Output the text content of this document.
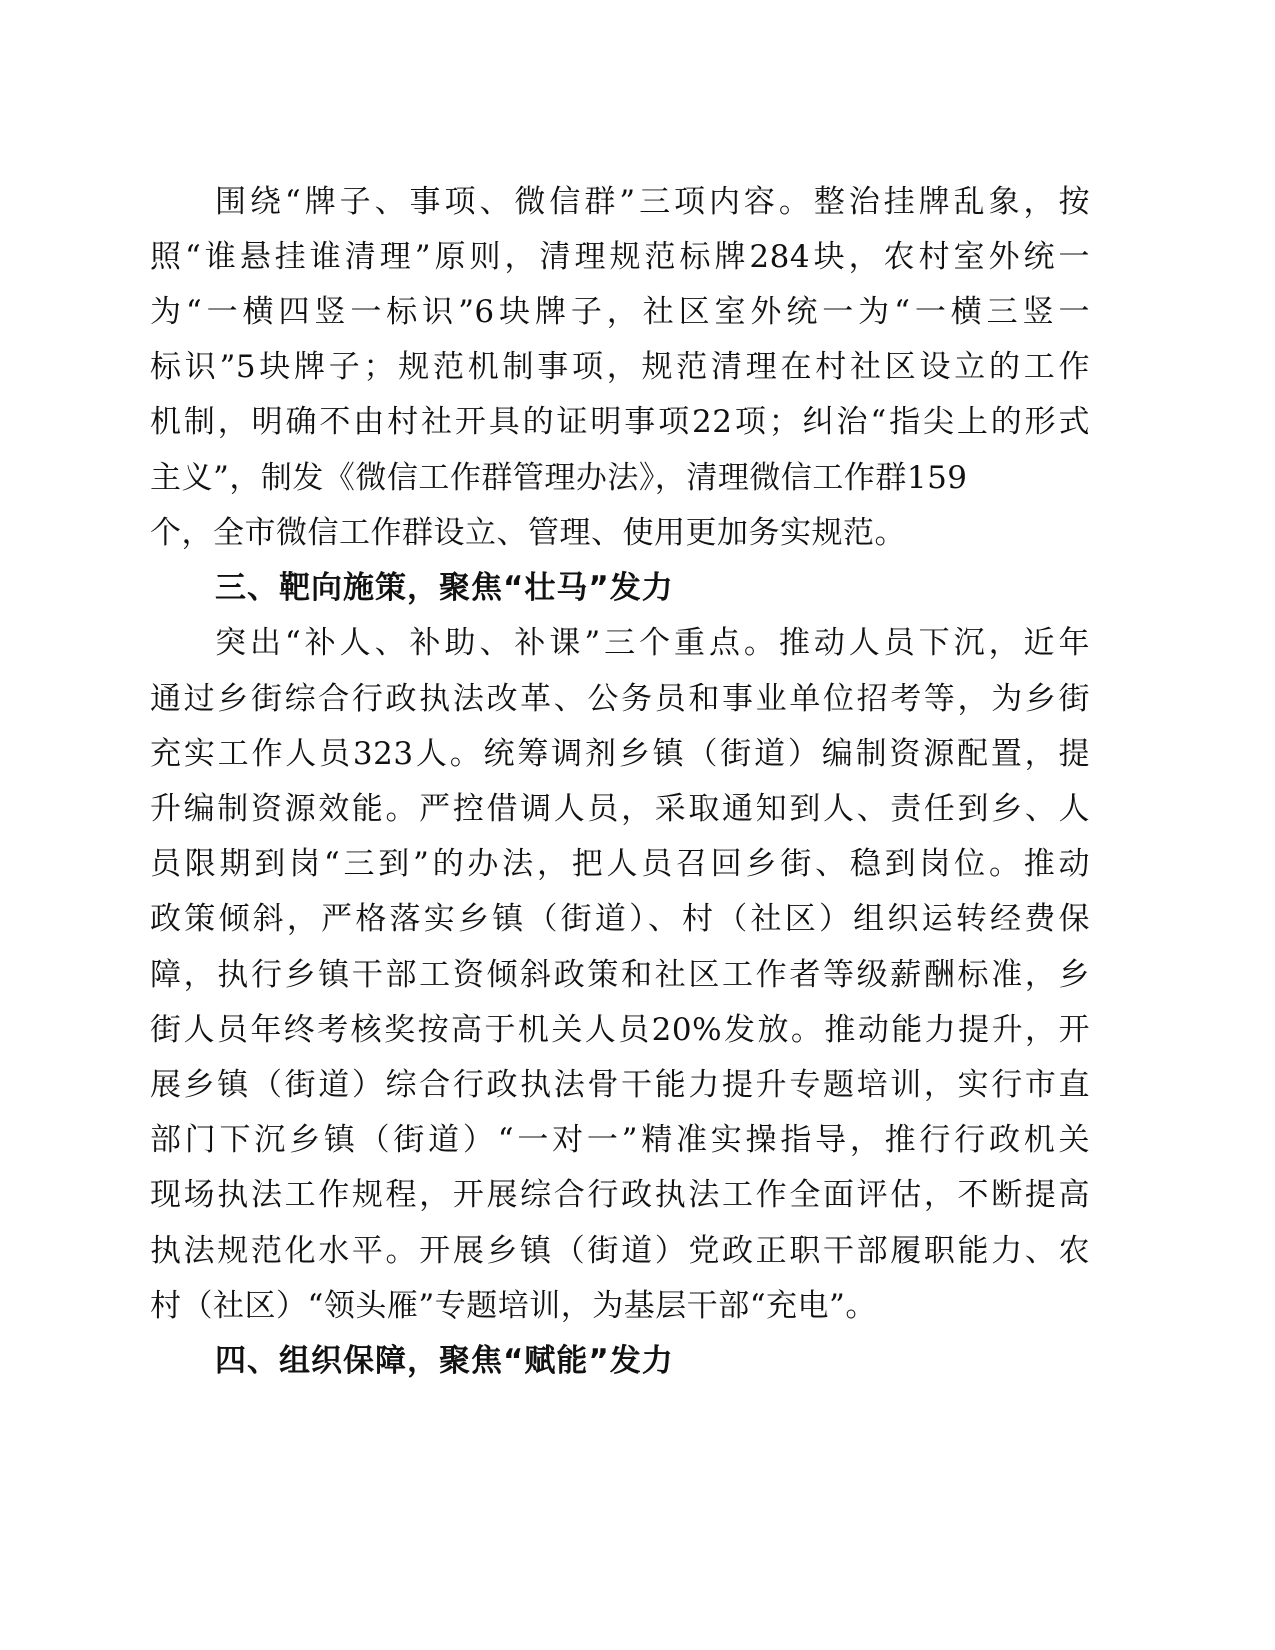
围绕“牌子、事项、微信群”三项内容。整治挂牌乱象，按
照“谁悬挂谁清理”原则，清理规范标牌284块，农村室外统一
为“一横四竖一标识”6块牌子，社区室外统一为“一横三竖一
标识”5块牌子；规范机制事项，规范清理在村社区设立的工作
机制，明确不由村社开具的证明事项22项；纠治“指尖上的形式
主义”，制发《微信工作群管理办法》，清理微信工作群159
个，全市微信工作群设立、管理、使用更加务实规范。
三、靶向施策，聚焦“壮马”发力
突出“补人、补助、补课”三个重点。推动人员下沉，近年
通过乡街综合行政执法改革、公务员和事业单位招考等，为乡街
充实工作人员323人。统筹调剂乡镇（街道）编制资源配置，提
升编制资源效能。严控借调人员，采取通知到人、责任到乡、人
员限期到岗“三到”的办法，把人员召回乡街、稳到岗位。推动
政策倾斜，严格落实乡镇（街道）、村（社区）组织运转经费保
障，执行乡镇干部工资倾斜政策和社区工作者等级薪酬标准，乡
街人员年终考核奖按高于机关人员20%发放。推动能力提升，开
展乡镇（街道）综合行政执法骨干能力提升专题培训，实行市直
部门下沉乡镇（街道）“一对一”精准实操指导，推行行政机关
现场执法工作规程，开展综合行政执法工作全面评估，不断提高
执法规范化水平。开展乡镇（街道）党政正职干部履职能力、农
村（社区）“领头雁”专题培训，为基层干部“充电”。
四、组织保障，聚焦“赋能”发力
